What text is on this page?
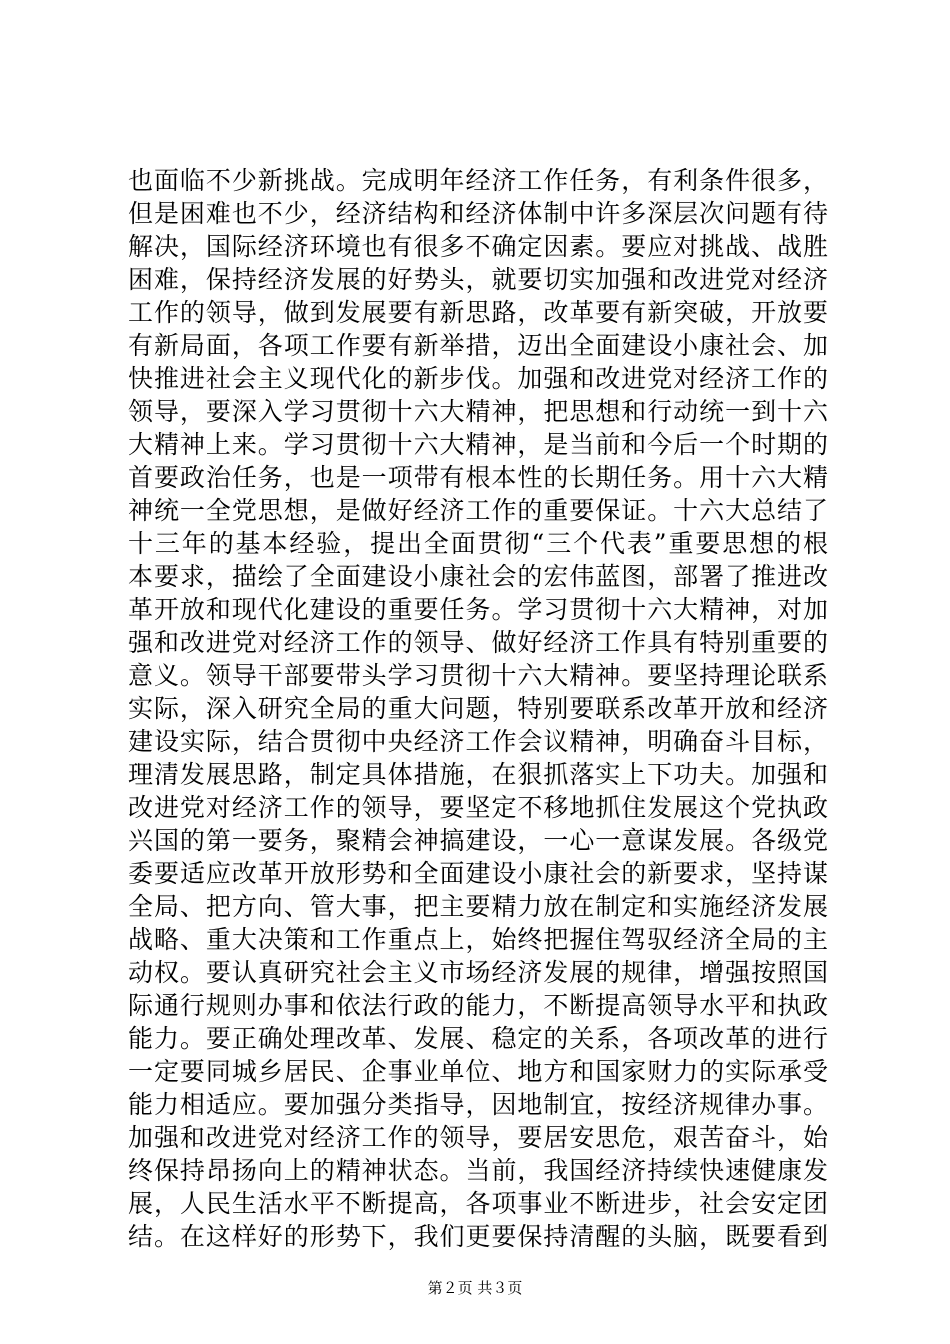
也面临不少新挑战。完成明年经济工作任务，有利条件很多，
但是困难也不少，经济结构和经济体制中许多深层次问题有待
解决，国际经济环境也有很多不确定因素。要应对挑战、战胜
困难，保持经济发展的好势头，就要切实加强和改进党对经济
工作的领导，做到发展要有新思路，改革要有新突破，开放要
有新局面，各项工作要有新举措，迈出全面建设小康社会、加
快推进社会主义现代化的新步伐。加强和改进党对经济工作的
领导，要深入学习贯彻十六大精神，把思想和行动统一到十六
大精神上来。学习贯彻十六大精神，是当前和今后一个时期的
首要政治任务，也是一项带有根本性的长期任务。用十六大精
神统一全党思想，是做好经济工作的重要保证。十六大总结了
十三年的基本经验，提出全面贯彻“三个代表”重要思想的根
本要求，描绘了全面建设小康社会的宏伟蓝图，部署了推进改
革开放和现代化建设的重要任务。学习贯彻十六大精神，对加
强和改进党对经济工作的领导、做好经济工作具有特别重要的
意义。领导干部要带头学习贯彻十六大精神。要坚持理论联系
实际，深入研究全局的重大问题，特别要联系改革开放和经济
建设实际，结合贯彻中央经济工作会议精神，明确奋斗目标，
理清发展思路，制定具体措施，在狠抓落实上下功夫。加强和
改进党对经济工作的领导，要坚定不移地抓住发展这个党执政
兴国的第一要务，聚精会神搞建设，一心一意谋发展。各级党
委要适应改革开放形势和全面建设小康社会的新要求，坚持谋
全局、把方向、管大事，把主要精力放在制定和实施经济发展
战略、重大决策和工作重点上，始终把握住驾驭经济全局的主
动权。要认真研究社会主义市场经济发展的规律，增强按照国
际通行规则办事和依法行政的能力，不断提高领导水平和执政
能力。要正确处理改革、发展、稳定的关系，各项改革的进行
一定要同城乡居民、企事业单位、地方和国家财力的实际承受
能力相适应。要加强分类指导，因地制宜，按经济规律办事。
加强和改进党对经济工作的领导，要居安思危，艰苦奋斗，始
终保持昂扬向上的精神状态。当前，我国经济持续快速健康发
展，人民生活水平不断提高，各项事业不断进步，社会安定团
结。在这样好的形势下，我们更要保持清醒的头脑，既要看到
第２页 共３页
